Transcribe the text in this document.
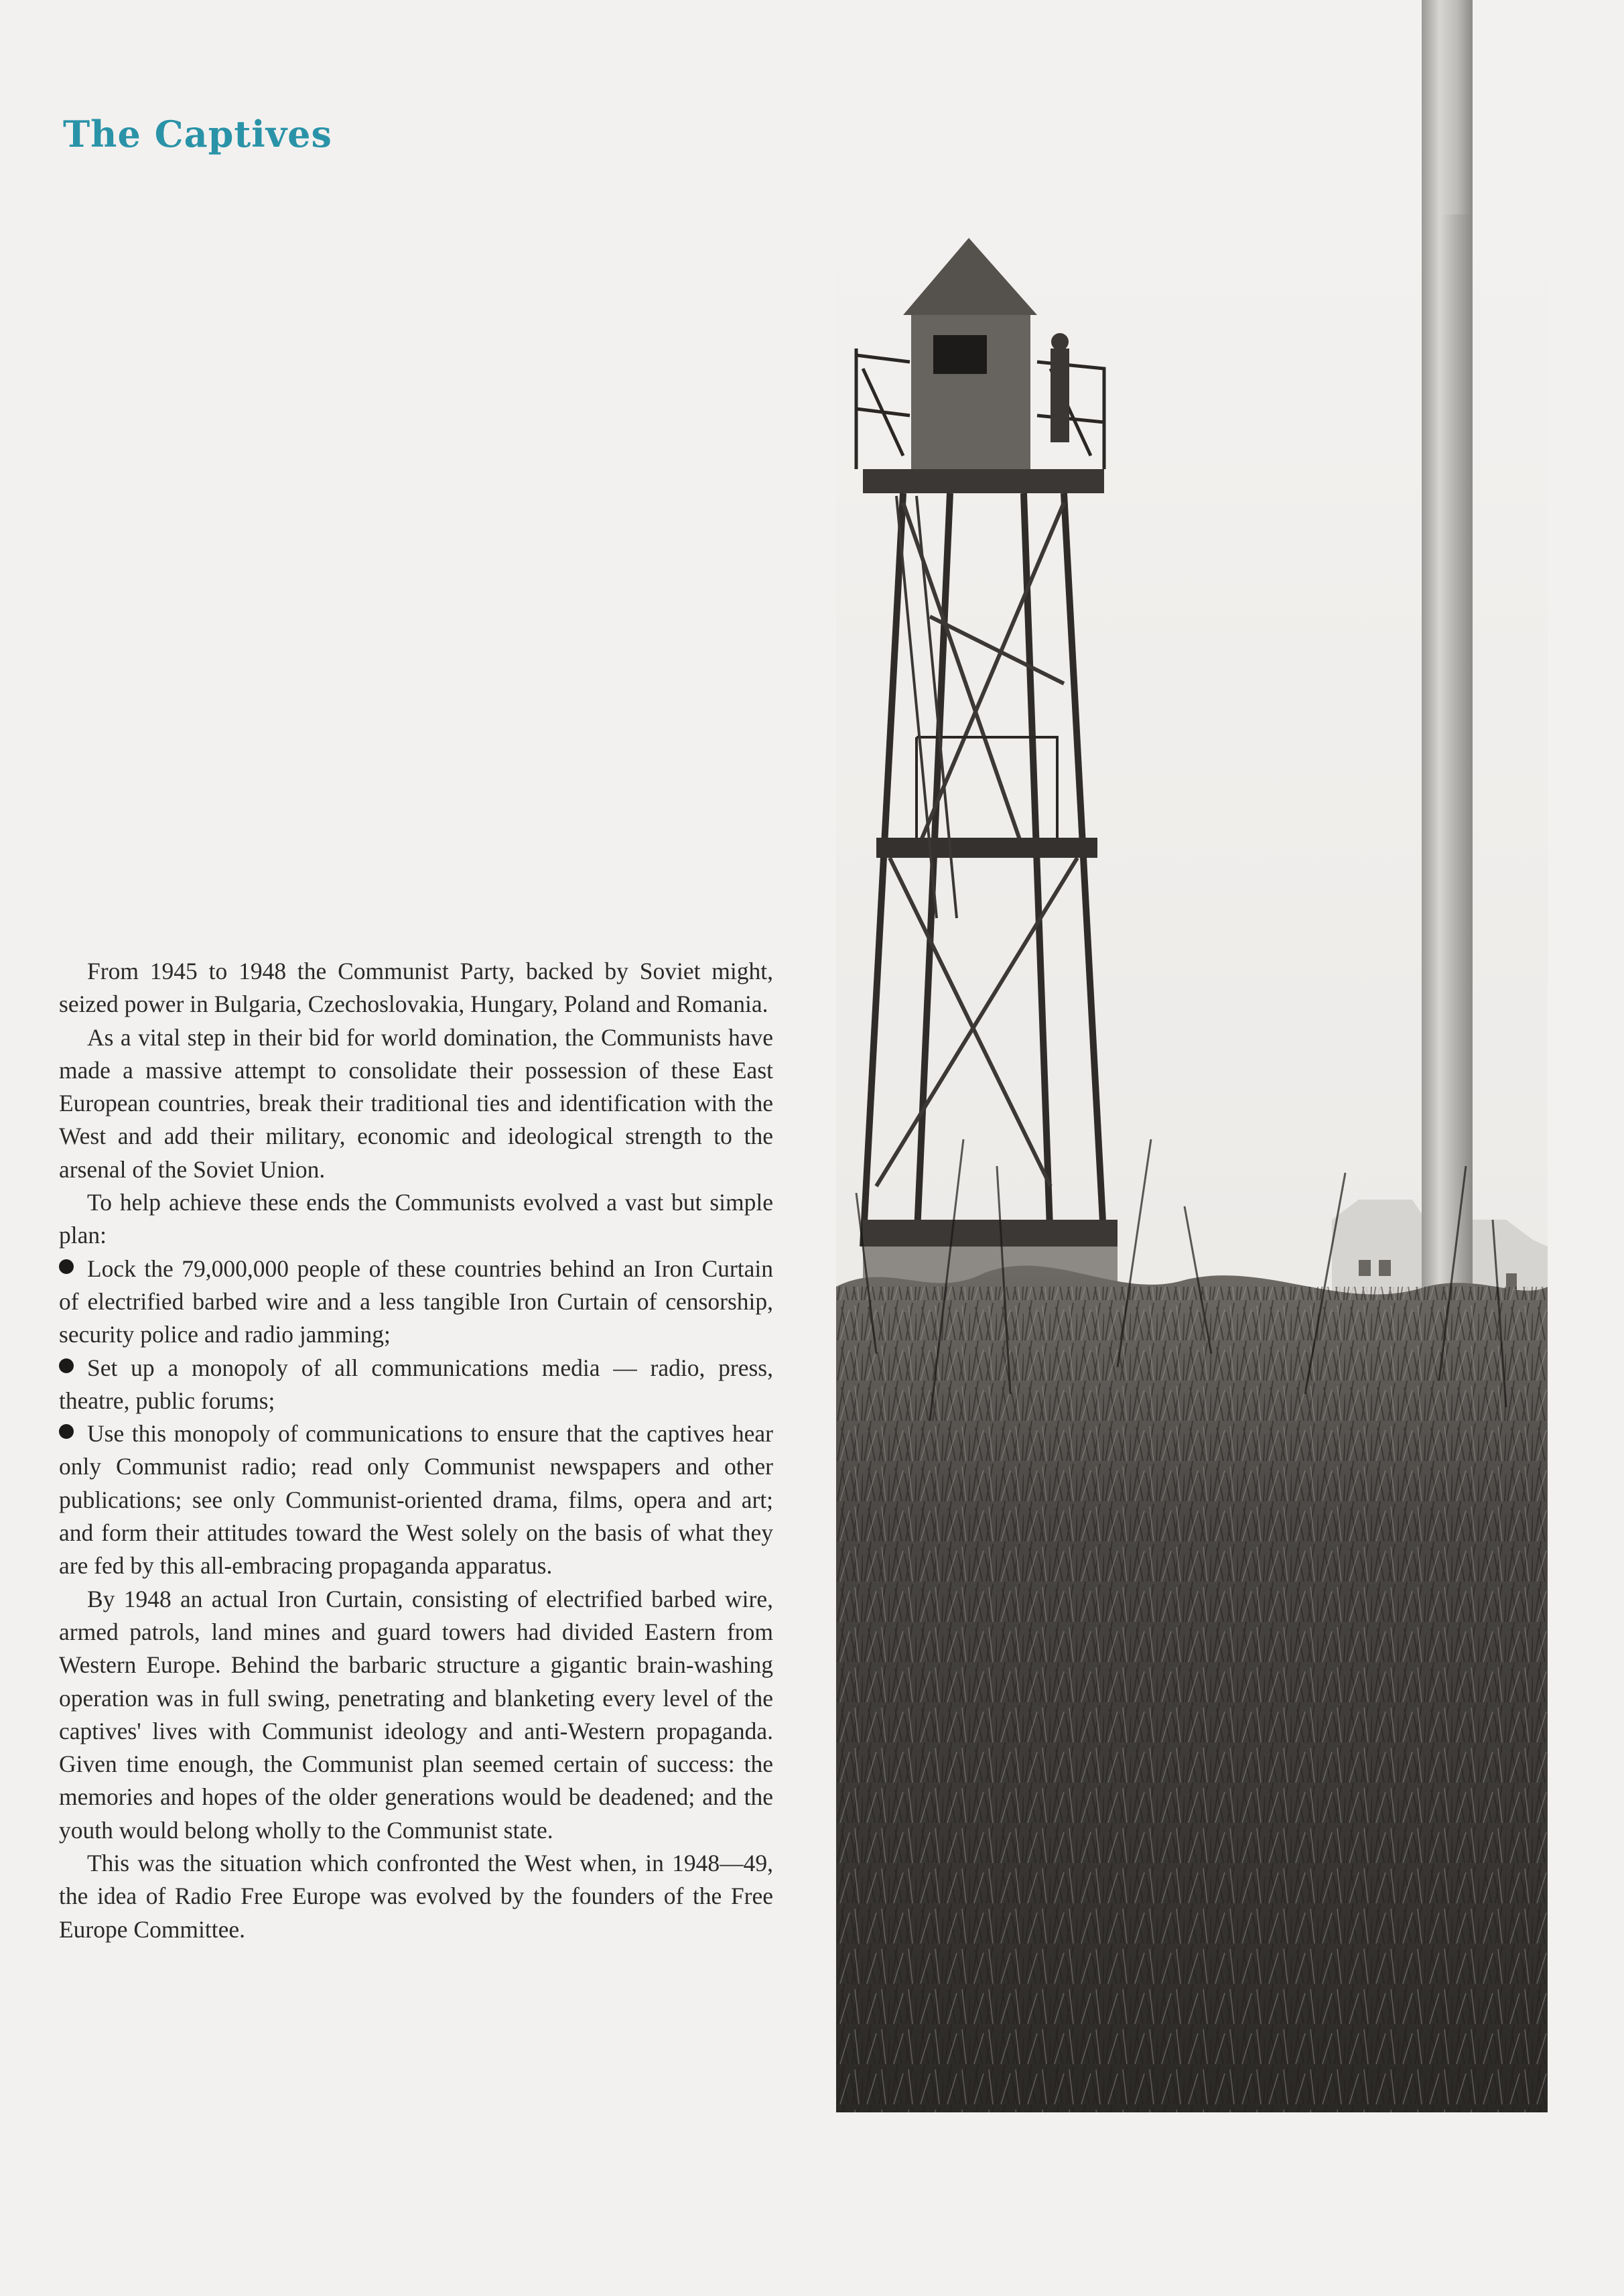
The Captives

From 1945 to 1948 the Communist Party, backed by Soviet might, seized power in Bulgaria, Czechoslovakia, Hungary, Poland and Romania.

As a vital step in their bid for world domination, the Communists have made a massive attempt to consolidate their possession of these East European countries, break their traditional ties and identification with the West and add their military, economic and ideological strength to the arsenal of the Soviet Union.

To help achieve these ends the Communists evolved a vast but simple plan:

Lock the 79,000,000 people of these countries behind an Iron Curtain of electrified barbed wire and a less tangible Iron Curtain of censorship, security police and radio jamming;

Set up a monopoly of all communications media — radio, press, theatre, public forums;

Use this monopoly of communications to ensure that the captives hear only Communist radio; read only Communist newspapers and other publications; see only Communist-oriented drama, films, opera and art; and form their attitudes toward the West solely on the basis of what they are fed by this all-embracing propaganda apparatus.

By 1948 an actual Iron Curtain, consisting of electrified barbed wire, armed patrols, land mines and guard towers had divided Eastern from Western Europe. Behind the barbaric structure a gigantic brain-washing operation was in full swing, penetrating and blanketing every level of the captives' lives with Communist ideology and anti-Western propaganda. Given time enough, the Communist plan seemed certain of success: the memories and hopes of the older generations would be deadened; and the youth would belong wholly to the Communist state.

This was the situation which confronted the West when, in 1948—49, the idea of Radio Free Europe was evolved by the founders of the Free Europe Committee.
